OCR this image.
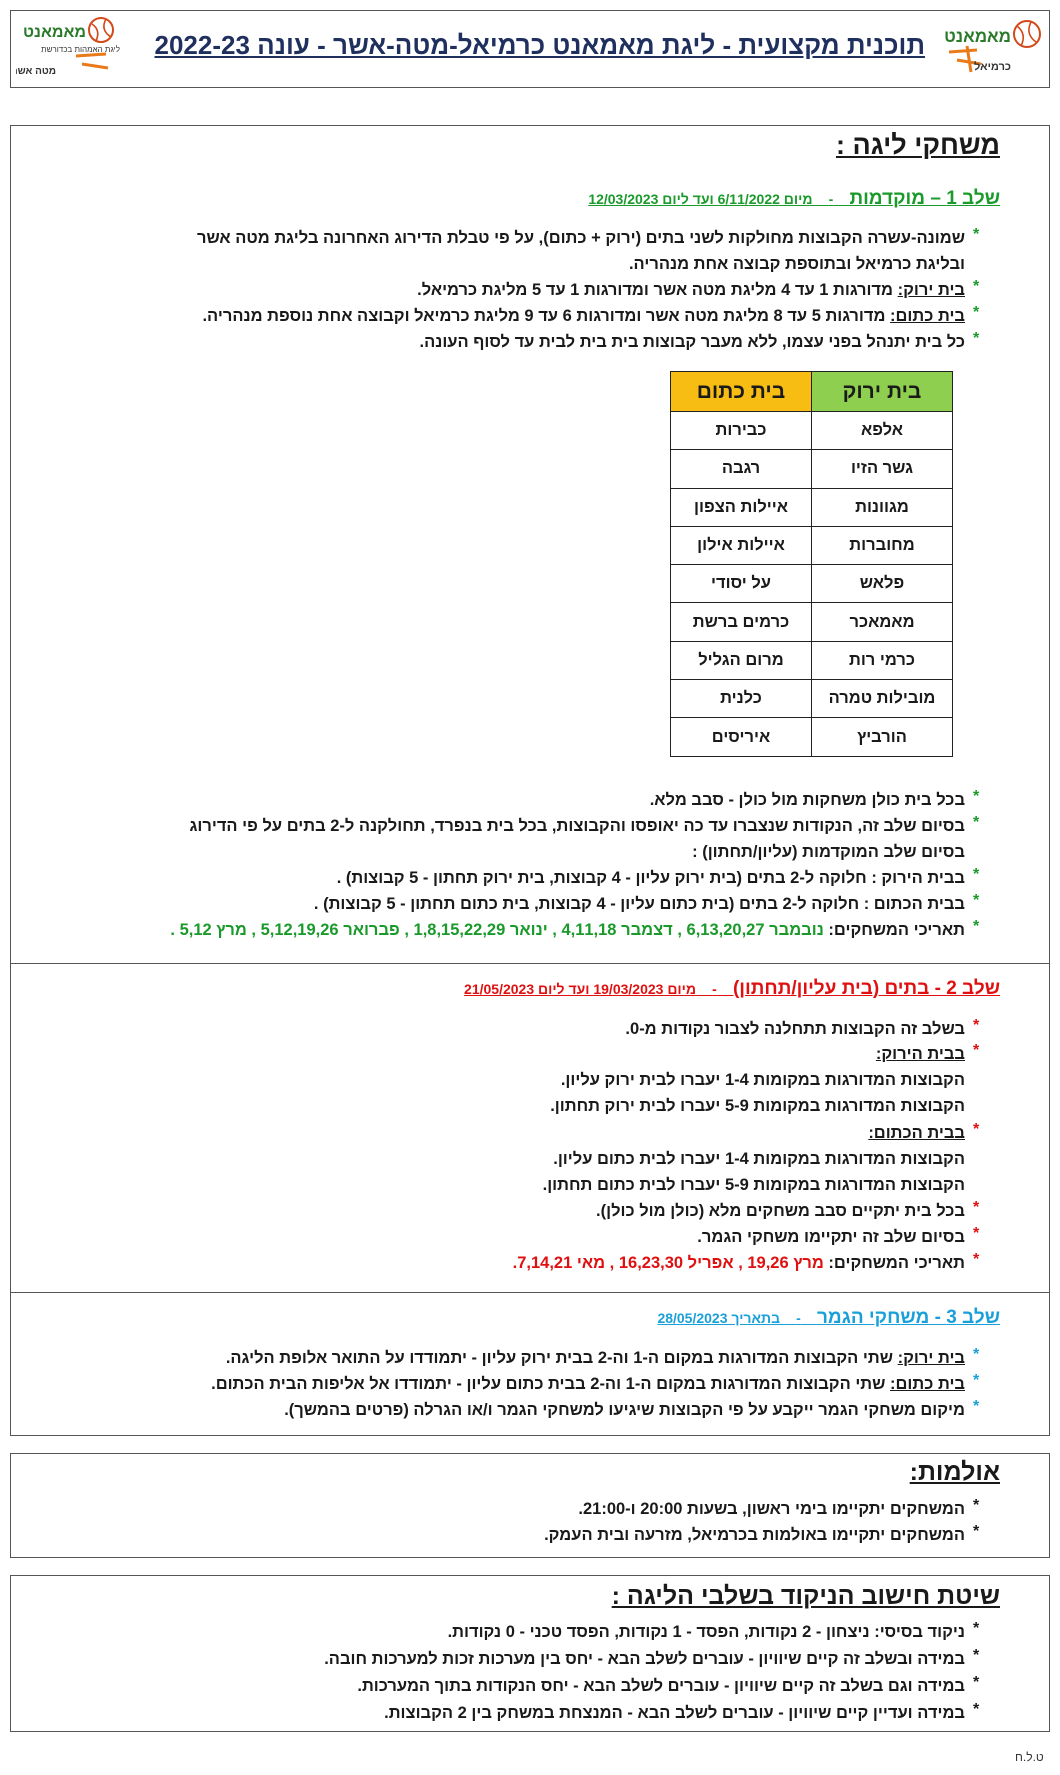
מאמאנט
כרמיאל
מאמאנט
ליגת האמהות בכדורשת
מטה אשר
תוכנית מקצועית - ליגת מאמאנט כרמיאל-מטה-אשר - עונה 2022-23
משחקי ליגה :
שלב 1 – מוקדמות    -    מיום 6/11/2022 ועד ליום 12/03/2023
*
שמונה-עשרה הקבוצות מחולקות לשני בתים (ירוק + כתום), על פי טבלת הדירוג האחרונה בליגת מטה אשר
ובליגת כרמיאל ובתוספת קבוצה אחת מנהריה.
*
בית ירוק: מדורגות 1 עד 4 מליגת מטה אשר ומדורגות 1 עד 5 מליגת כרמיאל.
*
בית כתום: מדורגות 5 עד 8 מליגת מטה אשר ומדורגות 6 עד 9 מליגת כרמיאל וקבוצה אחת נוספת מנהריה.
*
כל בית יתנהל בפני עצמו, ללא מעבר קבוצות בית בית לבית עד לסוף העונה.
בית ירוק	בית כתום
אלפא	כבירות
גשר הזיו	רגבה
מגוונות	איילות הצפון
מחוברות	איילות אילון
פלאש	על יסודי
מאמאכר	כרמים ברשת
כרמי רות	מרום הגליל
מובילות טמרה	כלנית
הורביץ	איריסים
*
בכל בית כולן משחקות מול כולן - סבב מלא.
*
בסיום שלב זה, הנקודות שנצברו עד כה יאופסו והקבוצות, בכל בית בנפרד, תחולקנה ל-2 בתים על פי הדירוג
בסיום שלב המוקדמות (עליון/תחתון) :
*
בבית הירוק : חלוקה ל-2 בתים (בית ירוק עליון - 4 קבוצות, בית ירוק תחתון - 5 קבוצות) .
*
בבית הכתום : חלוקה ל-2 בתים (בית כתום עליון - 4 קבוצות, בית כתום תחתון - 5 קבוצות) .
*
תאריכי המשחקים: נובמבר 6,13,20,27 , דצמבר 4,11,18 , ינואר 1,8,15,22,29 , פברואר 5,12,19,26 , מרץ 5,12 .
שלב 2 - בתים (בית עליון/תחתון)    -    מיום 19/03/2023 ועד ליום 21/05/2023
*
בשלב זה הקבוצות תתחלנה לצבור נקודות מ-0.
*
בבית הירוק:
הקבוצות המדורגות במקומות 1-4 יעברו לבית ירוק עליון.
הקבוצות המדורגות במקומות 5-9 יעברו לבית ירוק תחתון.
*
בבית הכתום:
הקבוצות המדורגות במקומות 1-4 יעברו לבית כתום עליון.
הקבוצות המדורגות במקומות 5-9 יעברו לבית כתום תחתון.
*
בכל בית יתקיים סבב משחקים מלא (כולן מול כולן).
*
בסיום שלב זה יתקיימו משחקי הגמר.
*
תאריכי המשחקים: מרץ 19,26 , אפריל 16,23,30 , מאי 7,14,21.
שלב 3 - משחקי הגמר    -    בתאריך 28/05/2023
*
בית ירוק: שתי הקבוצות המדורגות במקום ה-1 וה-2 בבית ירוק עליון - יתמודדו על התואר אלופת הליגה.
*
בית כתום: שתי הקבוצות המדורגות במקום ה-1 וה-2 בבית כתום עליון - יתמודדו אל אליפות הבית הכתום.
*
מיקום משחקי הגמר ייקבע על פי הקבוצות שיגיעו למשחקי הגמר ו/או הגרלה (פרטים בהמשך).
אולמות:
*
המשחקים יתקיימו בימי ראשון, בשעות 20:00 ו-21:00.
*
המשחקים יתקיימו באולמות בכרמיאל, מזרעה ובית העמק.
שיטת חישוב הניקוד בשלבי הליגה :
*
ניקוד בסיסי: ניצחון - 2 נקודות, הפסד - 1 נקודות, הפסד טכני - 0 נקודות.
*
במידה ובשלב זה קיים שיוויון - עוברים לשלב הבא - יחס בין מערכות זכות למערכות חובה.
*
במידה וגם בשלב זה קיים שיוויון - עוברים לשלב הבא - יחס הנקודות בתוך המערכות.
*
במידה ועדיין קיים שיוויון - עוברים לשלב הבא - המנצחת במשחק בין 2 הקבוצות.
ט.ל.ח
